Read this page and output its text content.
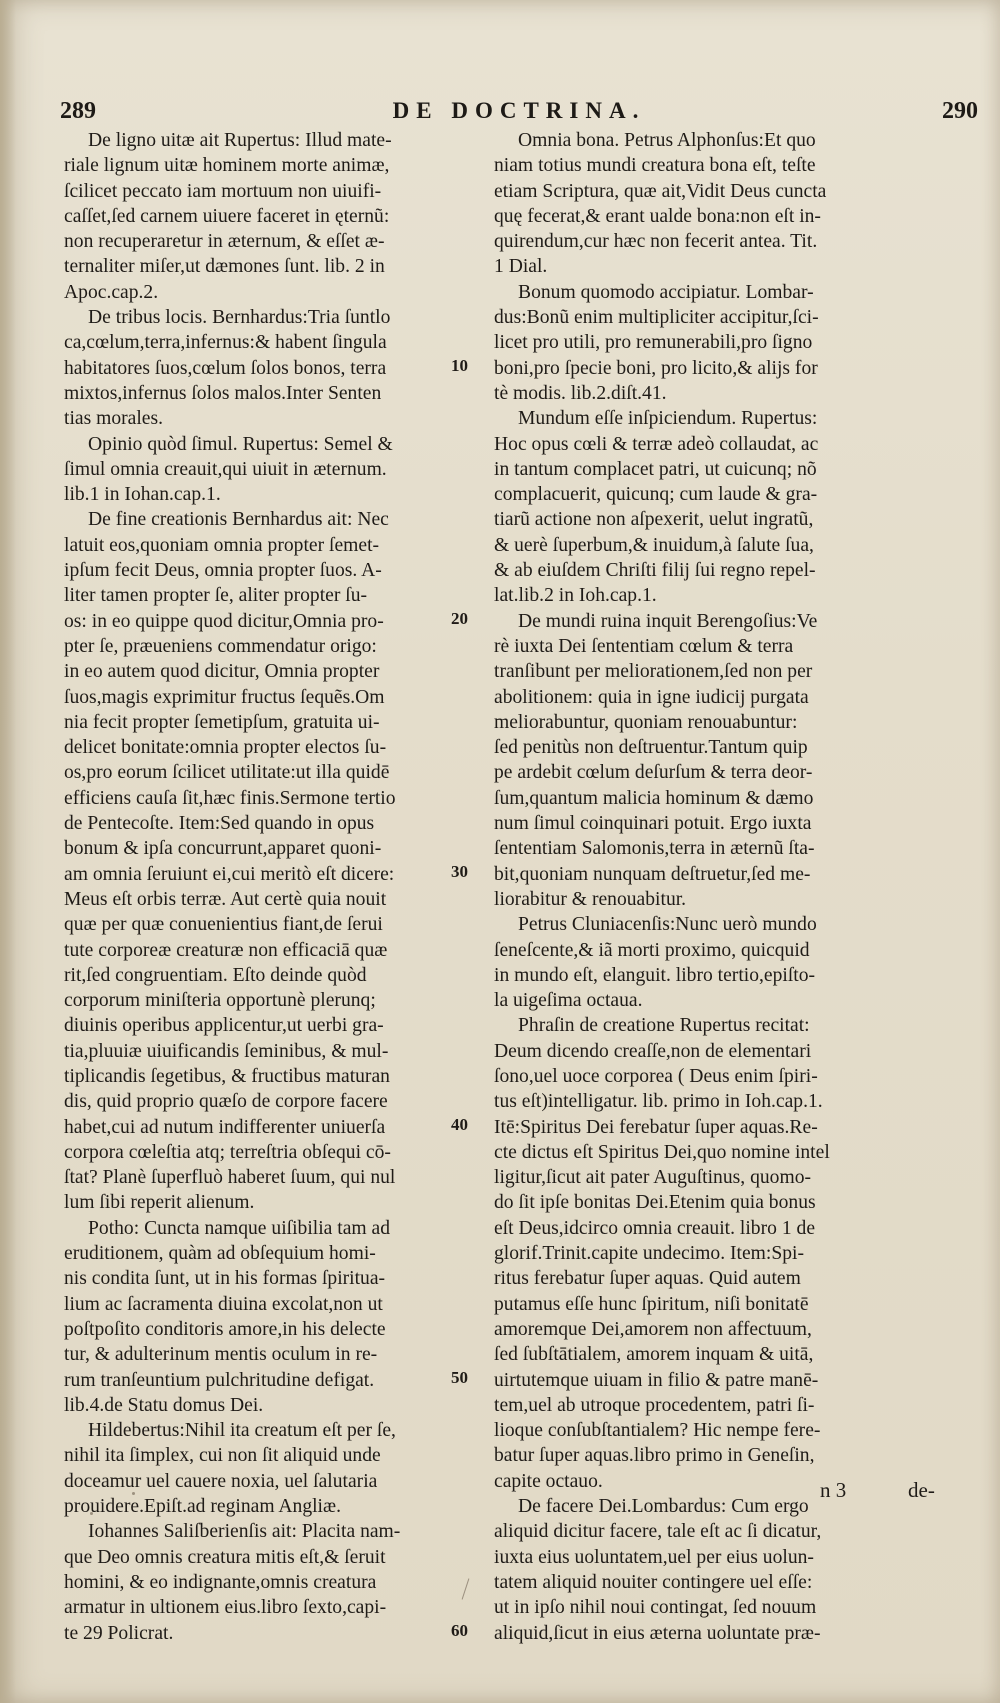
289	DE DOCTRINA.	290
De ligno uitæ ait Rupertus: Illud mate-
riale lignum uitæ hominem morte animæ,
ſcilicet peccato iam mortuum non uiuifi-
caſſet,ſed carnem uiuere faceret in ęternũ:
non recuperaretur in æternum, & eſſet æ-
ternaliter miſer,ut dæmones ſunt. lib. 2 in
Apoc.cap.2.
De tribus locis. Bernhardus:Tria ſuntlo
ca,cœlum,terra,infernus:& habent ſingula
habitatores ſuos,cœlum ſolos bonos, terra
mixtos,infernus ſolos malos.Inter Senten
tias morales.
Opinio quòd ſimul. Rupertus: Semel &
ſimul omnia creauit,qui uiuit in æternum.
lib.1 in Iohan.cap.1.
De fine creationis Bernhardus ait: Nec
latuit eos,quoniam omnia propter ſemet-
ipſum fecit Deus, omnia propter ſuos. A-
liter tamen propter ſe, aliter propter ſu-
os: in eo quippe quod dicitur,Omnia pro-
pter ſe, præueniens commendatur origo:
in eo autem quod dicitur, Omnia propter
ſuos,magis exprimitur fructus ſequẽs.Om
nia fecit propter ſemetipſum, gratuita ui-
delicet bonitate:omnia propter electos ſu-
os,pro eorum ſcilicet utilitate:ut illa quidē
efficiens cauſa ſit,hæc finis.Sermone tertio
de Pentecoſte. Item:Sed quando in opus
bonum & ipſa concurrunt,apparet quoni-
am omnia ſeruiunt ei,cui meritò eſt dicere:
Meus eſt orbis terræ. Aut certè quia nouit
quæ per quæ conuenientius fiant,de ſerui
tute corporeæ creaturæ non efficaciā quæ
rit,ſed congruentiam. Eſto deinde quòd
corporum miniſteria opportunè plerunq;
diuinis operibus applicentur,ut uerbi gra-
tia,pluuiæ uiuificandis ſeminibus, & mul-
tiplicandis ſegetibus, & fructibus maturan
dis, quid proprio quæſo de corpore facere
habet,cui ad nutum indifferenter uniuerſa
corpora cœleſtia atq; terreſtria obſequi cō-
ſtat? Planè ſuperfluò haberet ſuum, qui nul
lum ſibi reperit alienum.
Potho: Cuncta namque uiſibilia tam ad
eruditionem, quàm ad obſequium homi-
nis condita ſunt, ut in his formas ſpiritua-
lium ac ſacramenta diuina excolat,non ut
poſtpoſito conditoris amore,in his delecte
tur, & adulterinum mentis oculum in re-
rum tranſeuntium pulchritudine defigat.
lib.4.de Statu domus Dei.
Hildebertus:Nihil ita creatum eſt per ſe,
nihil ita ſimplex, cui non ſit aliquid unde
doceamur uel cauere noxia, uel ſalutaria
prouidere.Epiſt.ad reginam Angliæ.
Iohannes Saliſberienſis ait: Placita nam-
que Deo omnis creatura mitis eſt,& ſeruit
homini, & eo indignante,omnis creatura
armatur in ultionem eius.libro ſexto,capi-
te 29 Policrat.
10
20
30
40
50
60
Omnia bona. Petrus Alphonſus:Et quo
niam totius mundi creatura bona eſt, teſte
etiam Scriptura, quæ ait,Vidit Deus cuncta
quę fecerat,& erant ualde bona:non eſt in-
quirendum,cur hæc non fecerit antea. Tit.
1 Dial.
Bonum quomodo accipiatur. Lombar-
dus:Bonũ enim multipliciter accipitur,ſci-
licet pro utili, pro remunerabili,pro ſigno
boni,pro ſpecie boni, pro licito,& alijs for
tè modis. lib.2.diſt.41.
Mundum eſſe inſpiciendum. Rupertus:
Hoc opus cœli & terræ adeò collaudat, ac
in tantum complacet patri, ut cuicunq; nõ
complacuerit, quicunq; cum laude & gra-
tiarũ actione non aſpexerit, uelut ingratũ,
& uerè ſuperbum,& inuidum,à ſalute ſua,
& ab eiuſdem Chriſti filij ſui regno repel-
lat.lib.2 in Ioh.cap.1.
De mundi ruina inquit Berengoſius:Ve
rè iuxta Dei ſententiam cœlum & terra
tranſibunt per meliorationem,ſed non per
abolitionem: quia in igne iudicij purgata
meliorabuntur, quoniam renouabuntur:
ſed penitùs non deſtruentur.Tantum quip
pe ardebit cœlum deſurſum & terra deor-
ſum,quantum malicia hominum & dæmo
num ſimul coinquinari potuit. Ergo iuxta
ſententiam Salomonis,terra in æternũ ſta-
bit,quoniam nunquam deſtruetur,ſed me-
liorabitur & renouabitur.
Petrus Cluniacenſis:Nunc uerò mundo
ſeneſcente,& iã morti proximo, quicquid
in mundo eſt, elanguit. libro tertio,epiſto-
la uigeſima octaua.
Phraſin de creatione Rupertus recitat:
Deum dicendo creaſſe,non de elementari
ſono,uel uoce corporea ( Deus enim ſpiri-
tus eſt)intelligatur. lib. primo in Ioh.cap.1.
Itē:Spiritus Dei ferebatur ſuper aquas.Re-
cte dictus eſt Spiritus Dei,quo nomine intel
ligitur,ſicut ait pater Auguſtinus, quomo-
do ſit ipſe bonitas Dei.Etenim quia bonus
eſt Deus,idcirco omnia creauit. libro 1 de
glorif.Trinit.capite undecimo. Item:Spi-
ritus ferebatur ſuper aquas. Quid autem
putamus eſſe hunc ſpiritum, niſi bonitatē
amoremque Dei,amorem non affectuum,
ſed ſubſtātialem, amorem inquam & uitā,
uirtutemque uiuam in filio & patre manē-
tem,uel ab utroque procedentem, patri ſi-
lioque conſubſtantialem? Hic nempe fere-
batur ſuper aquas.libro primo in Geneſin,
capite octauo.
De facere Dei.Lombardus: Cum ergo
aliquid dicitur facere, tale eſt ac ſi dicatur,
iuxta eius uoluntatem,uel per eius uolun-
tatem aliquid nouiter contingere uel eſſe:
ut in ipſo nihil noui contingat, ſed nouum
aliquid,ſicut in eius æterna uoluntate præ-
n 3	de-
